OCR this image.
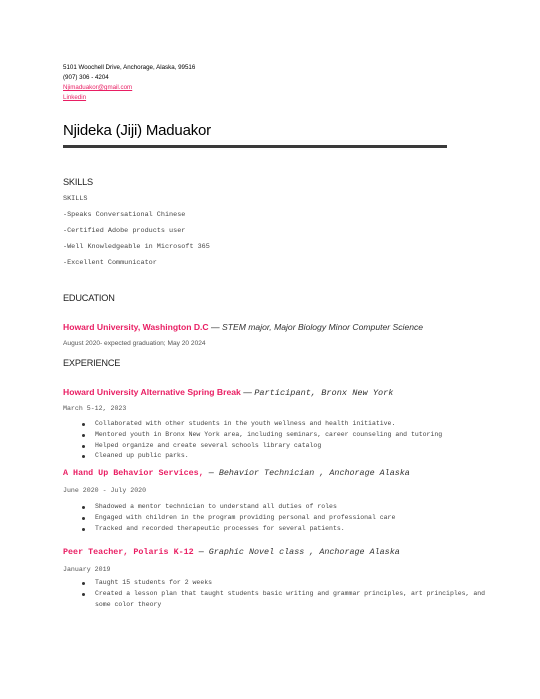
5101 Woochell Drive, Anchorage, Alaska, 99516
(907) 306 - 4204
Njimaduakor@gmail.com
Linkedin
Njideka (Jiji) Maduakor
SKILLS
SKILLS
-Speaks Conversational Chinese
-Certified Adobe products user
-Well Knowledgeable in Microsoft 365
-Excellent Communicator
EDUCATION
Howard University, Washington D.C — STEM major, Major Biology Minor Computer Science
August 2020- expected graduation; May 20 2024
EXPERIENCE
Howard University Alternative Spring Break — Participant, Bronx New York
March 5-12, 2023
Collaborated with other students in the youth wellness and health initiative.
Mentored youth in Bronx New York area, including seminars, career counseling and tutoring
Helped organize and create several schools library catalog
Cleaned up public parks.
A Hand Up Behavior Services, — Behavior Technician , Anchorage Alaska
June 2020 - July 2020
Shadowed a mentor technician to understand all duties of roles
Engaged with children in the program providing personal and professional care
Tracked and recorded therapeutic processes for several patients.
Peer Teacher, Polaris K-12 — Graphic Novel class , Anchorage Alaska
January 2019
Taught 15 students for 2 weeks
Created a lesson plan that taught students basic writing and grammar principles, art principles, and some color theory
